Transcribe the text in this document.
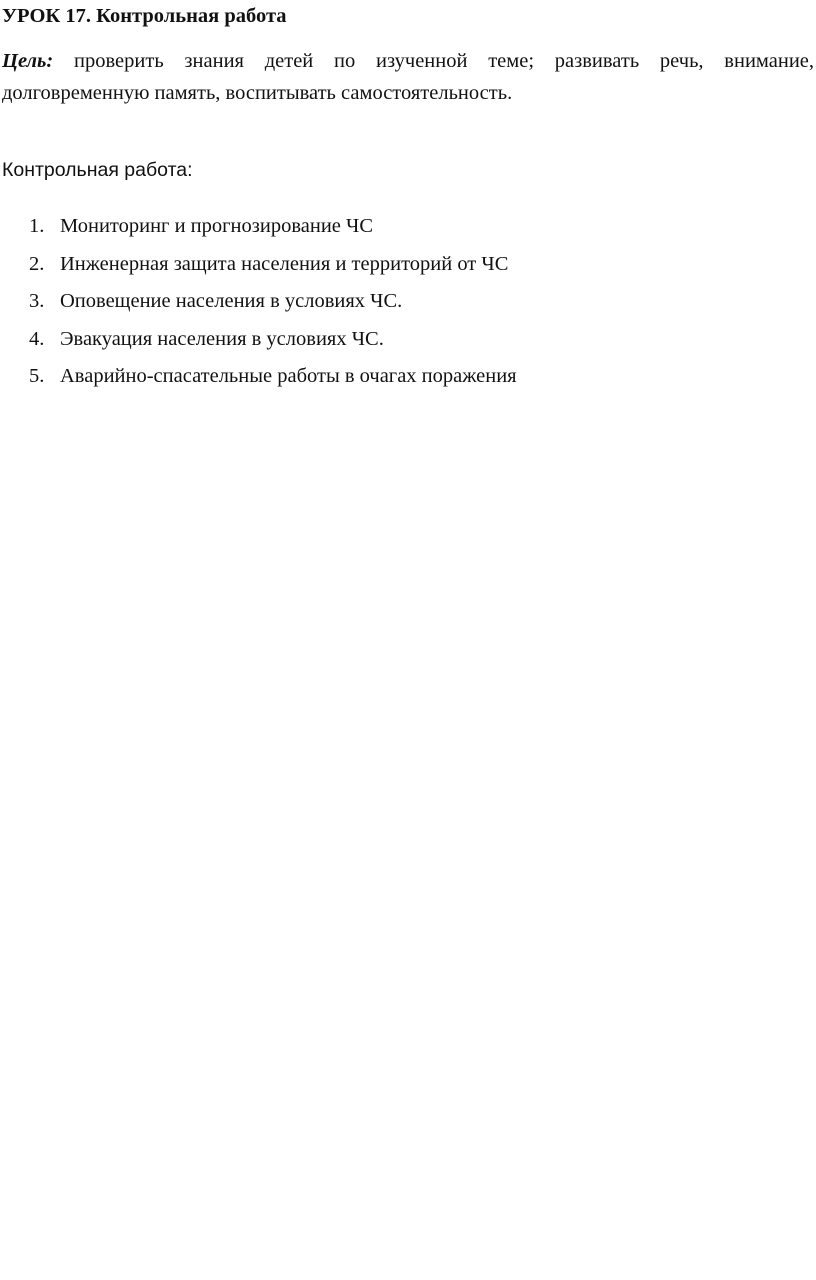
УРОК 17. Контрольная работа

Цель: проверить знания детей по изученной теме; развивать речь, внимание, долговременную память, воспитывать самостоятельность.

Контрольная работа:
1. Мониторинг и прогнозирование ЧС
2. Инженерная защита населения и территорий от ЧС
3. Оповещение населения в условиях ЧС.
4. Эвакуация населения в условиях ЧС.
5. Аварийно-спасательные работы в очагах поражения
